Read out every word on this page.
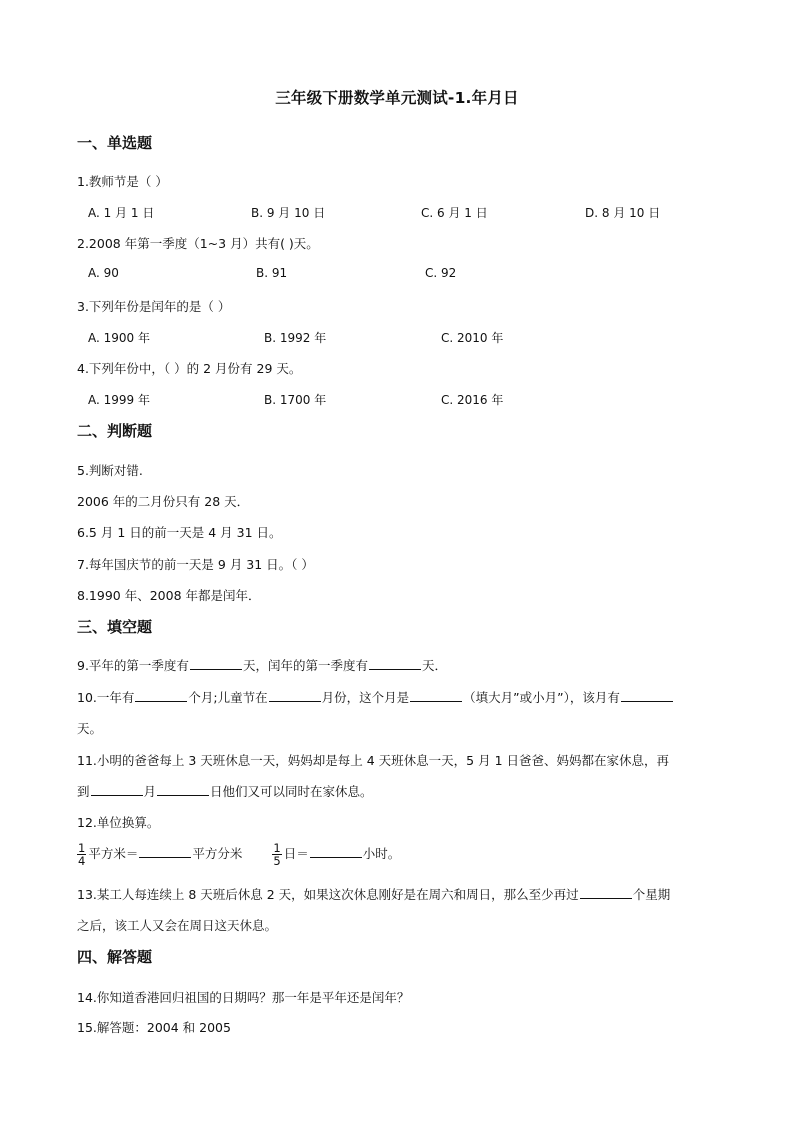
三年级下册数学单元测试-1.年月日
一、单选题
1.教师节是（ ）
A. 1 月 1 日	B. 9 月 10 日	C. 6 月 1 日	D. 8 月 10 日
2.2008 年第一季度（1~3 月）共有( )天。
A. 90	B. 91	C. 92
3.下列年份是闰年的是（ ）
A. 1900 年	B. 1992 年	C. 2010 年
4.下列年份中，（ ）的 2 月份有 29 天。
A. 1999 年	B. 1700 年	C. 2016 年
二、判断题
5.判断对错.
2006 年的二月份只有 28 天．
6.5 月 1 日的前一天是 4 月 31 日。
7.每年国庆节的前一天是 9 月 31 日。（ ）
8.1990 年、2008 年都是闰年．
三、填空题
9.平年的第一季度有	天，闰年的第一季度有	天．
10.一年有	个月;儿童节在	月份，这个月是	（填大月”或小月”），该月有
天。
11.小明的爸爸每上 3 天班休息一天，妈妈却是每上 4 天班休息一天，5 月 1 日爸爸、妈妈都在家休息，再
到	月	日他们又可以同时在家休息。
12.单位换算。
$\frac{1}{4}$ 平方米＝	平方分米	$\frac{1}{5}$ 日＝	小时。
13.某工人每连续上 8 天班后休息 2 天，如果这次休息刚好是在周六和周日，那么至少再过	个星期
之后，该工人又会在周日这天休息。
四、解答题
14.你知道香港回归祖国的日期吗？那一年是平年还是闰年？
15.解答题：2004 和 2005
